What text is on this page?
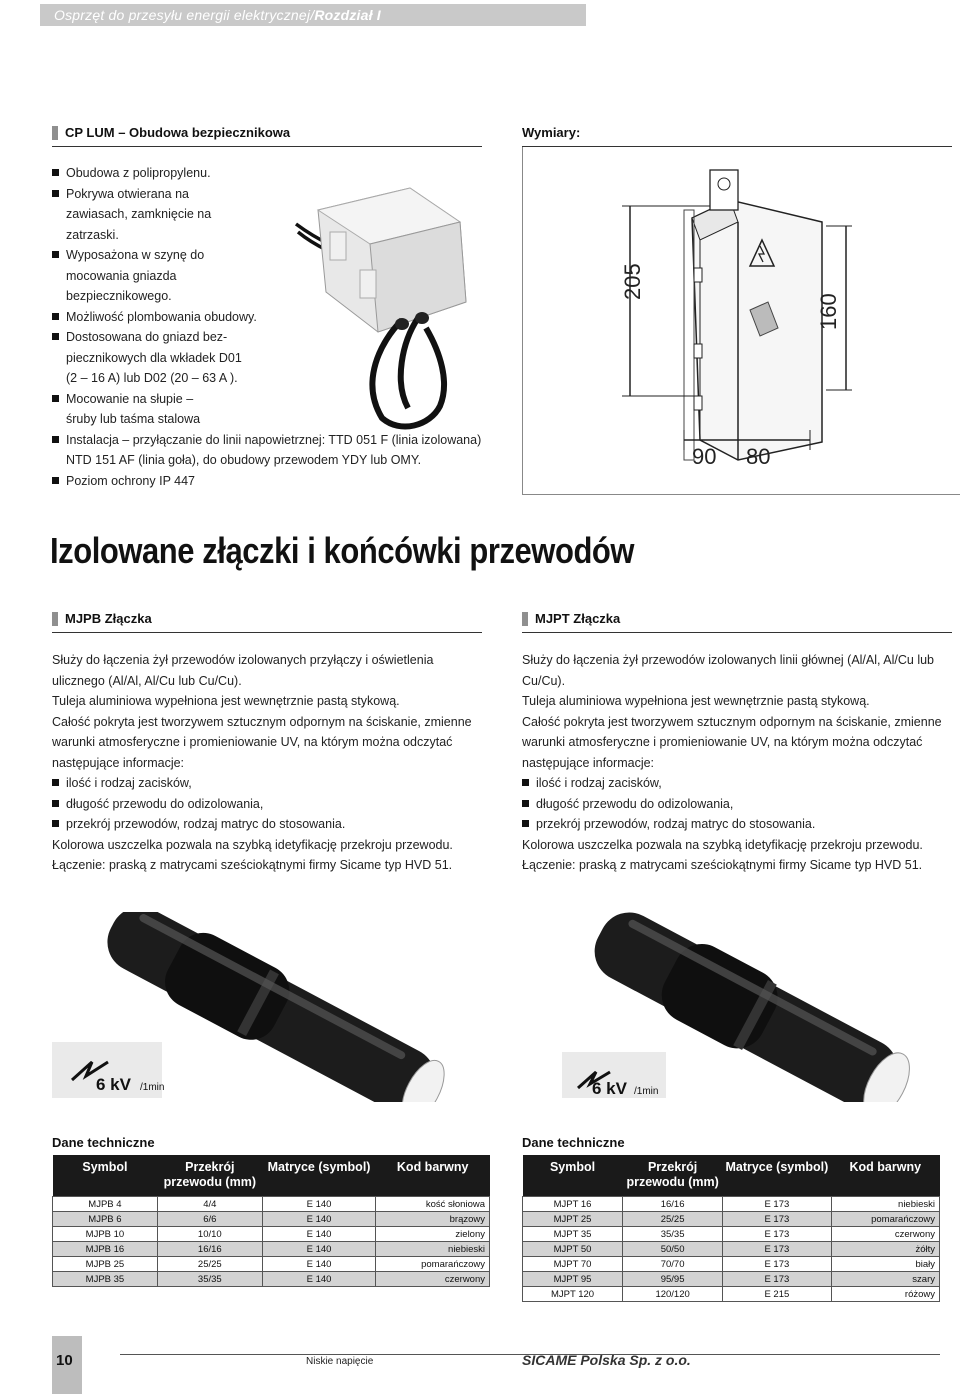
Osprzęt do przesyłu energii elektrycznej/Rozdział I
CP LUM – Obudowa bezpiecznikowa
Obudowa z polipropylenu.
Pokrywa otwierana na zawiasach, zamknięcie na zatrzaski.
Wyposażona w szynę do mocowania gniazda bezpiecznikowego.
Możliwość plombowania obudowy.
Dostosowana do gniazd bez- piecznikowych dla wkładek D01 (2 – 16 A) lub D02 (20 – 63 A ).
Mocowanie na słupie – śruby lub taśma stalowa
Instalacja – przyłączanie do linii napowietrznej: TTD 051 F (linia izolowana) NTD 151 AF (linia goła), do obudowy przewodem YDY lub OMY.
Poziom ochrony IP 447
Wymiary:
205
160
90 80
Izolowane złączki i końcówki przewodów
MJPB Złączka
Służy do łączenia żył przewodów izolowanych przyłączy i oświetlenia ulicznego (Al/Al, Al/Cu lub Cu/Cu).
Tuleja aluminiowa wypełniona jest wewnętrznie pastą stykową.
Całość pokryta jest tworzywem sztucznym odpornym na ściskanie, zmienne warunki atmosferyczne i promieniowanie UV, na którym można odczytać następujące informacje:
ilość i rodzaj zacisków,
długość przewodu do odizolowania,
przekrój przewodów, rodzaj matryc do stosowania.
Kolorowa uszczelka pozwala na szybką idetyfikację przekroju przewodu.
Łączenie: praską z matrycami sześciokątnymi firmy Sicame typ HVD 51.
MJPT Złączka
Służy do łączenia żył przewodów izolowanych linii głównej (Al/Al, Al/Cu lub Cu/Cu).
Tuleja aluminiowa wypełniona jest wewnętrznie pastą stykową.
Całość pokryta jest tworzywem sztucznym odpornym na ściskanie, zmienne warunki atmosferyczne i promieniowanie UV, na którym można odczytać następujące informacje:
ilość i rodzaj zacisków,
długość przewodu do odizolowania,
przekrój przewodów, rodzaj matryc do stosowania.
Kolorowa uszczelka pozwala na szybką idetyfikację przekroju przewodu.
Łączenie: praską z matrycami sześciokątnymi firmy Sicame typ HVD 51.
6 kV /1min	6 kV /1min
Dane techniczne
Symbol	Przekrój przewodu (mm)	Matryce (symbol)	Kod barwny
MJPB 4	4/4	E 140	kość słoniowa
MJPB 6	6/6	E 140	brązowy
MJPB 10	10/10	E 140	zielony
MJPB 16	16/16	E 140	niebieski
MJPB 25	25/25	E 140	pomarańczowy
MJPB 35	35/35	E 140	czerwony
Dane techniczne
Symbol	Przekrój przewodu (mm)	Matryce (symbol)	Kod barwny
MJPT 16	16/16	E 173	niebieski
MJPT 25	25/25	E 173	pomarańczowy
MJPT 35	35/35	E 173	czerwony
MJPT 50	50/50	E 173	żółty
MJPT 70	70/70	E 173	biały
MJPT 95	95/95	E 173	szary
MJPT 120	120/120	E 215	różowy
10	Niskie napięcie	SICAME Polska Sp. z o.o.
